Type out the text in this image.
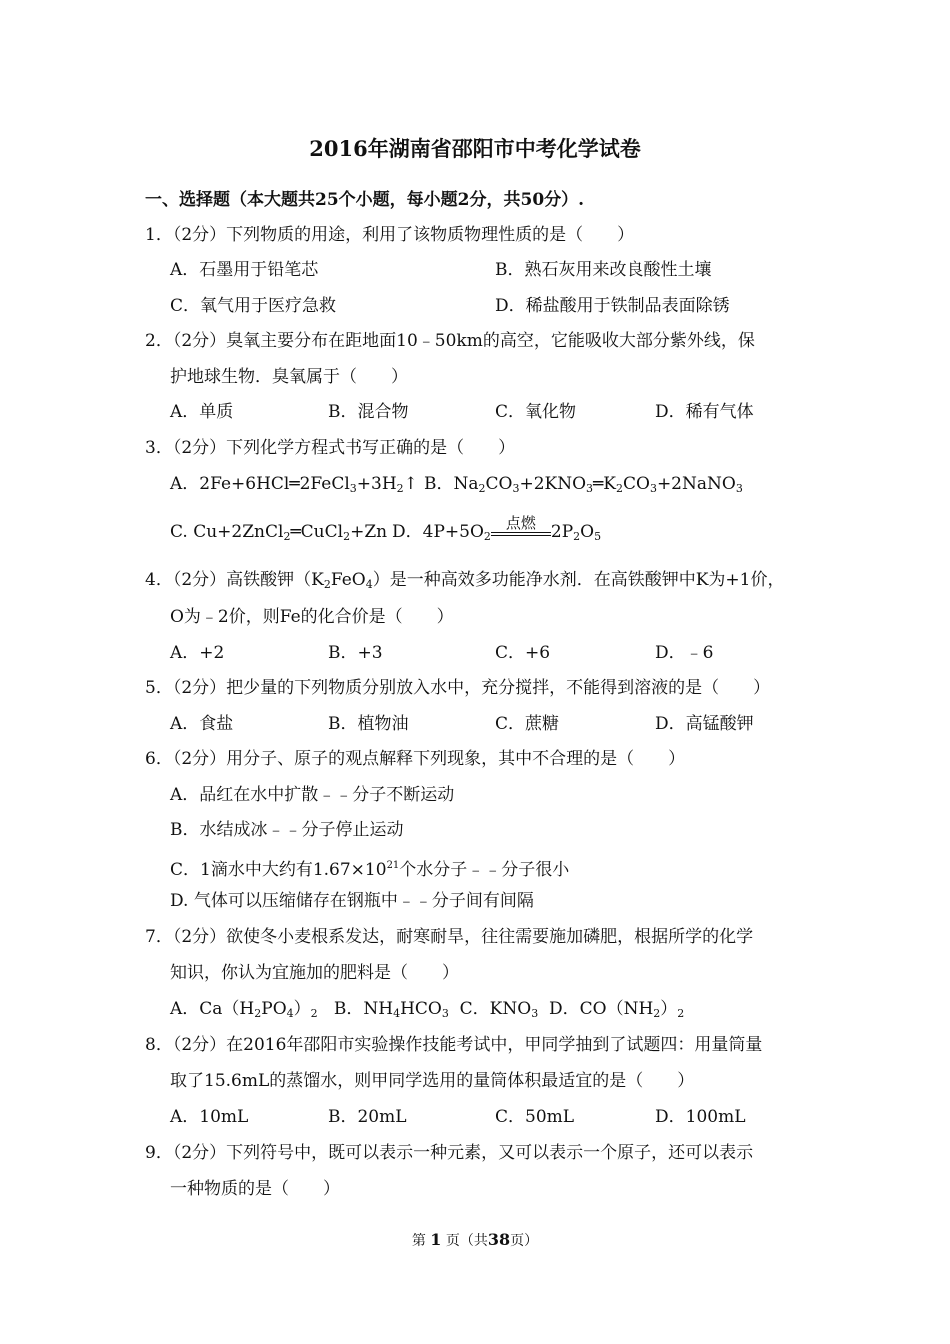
2016年湖南省邵阳市中考化学试卷
一、选择题（本大题共25个小题，每小题2分，共50分）.
1．（2分）下列物质的用途，利用了该物质物理性质的是（　　）
A．石墨用于铅笔芯	B．熟石灰用来改良酸性土壤
C．氧气用于医疗急救	D．稀盐酸用于铁制品表面除锈
2．（2分）臭氧主要分布在距地面10﹣50km的高空，它能吸收大部分紫外线，保
护地球生物．臭氧属于（　　）
A．单质	B．混合物	C．氧化物	D．稀有气体
3．（2分）下列化学方程式书写正确的是（　　）
A．$2Fe+6HCl═2FeCl_3+3H_2↑$ B．$Na_2CO_3+2KNO_3═K_2CO_3+2NaNO_3$
C. Cu+2ZnCl$_2$═CuCl$_2$+Zn D．$4P+5O_2$
点燃 $2P_2O_5$
4．（2分）高铁酸钾$(K_2FeO_4)$是一种高效多功能净水剂．在高铁酸钾中K为+1价，
O为﹣2价，则Fe的化合价是（　　）
A．+2	B．+3	C．+6	D．﹣6
5．（2分）把少量的下列物质分别放入水中，充分搅拌，不能得到溶液的是（　　）
A．食盐	B．植物油	C．蔗糖	D．高锰酸钾
6．（2分）用分子、原子的观点解释下列现象，其中不合理的是（　　）
A．品红在水中扩散﹣﹣分子不断运动
B．水结成冰﹣﹣分子停止运动
C．1滴水中大约有$1.67\times 10^{21}$个水分子﹣﹣分子很小
D. 气体可以压缩储存在钢瓶中﹣﹣分子间有间隔
7．（2分）欲使冬小麦根系发达，耐寒耐旱，往往需要施加磷肥，根据所学的化学
知识，你认为宜施加的肥料是（　　）
A．$Ca(H_2PO_4)_2$ B．$NH_4HCO_3$ C．$KNO_3$ D．$CO(NH_2)_2$
8．（2分）在2016年邵阳市实验操作技能考试中，甲同学抽到了试题四：用量筒量
取了15.6mL的蒸馏水，则甲同学选用的量筒体积最适宜的是（　　）
A．10mL	B．20mL	C．50mL	D．100mL
9．（2分）下列符号中，既可以表示一种元素，又可以表示一个原子，还可以表示
一种物质的是（　　）
第 1 页（共38页）
